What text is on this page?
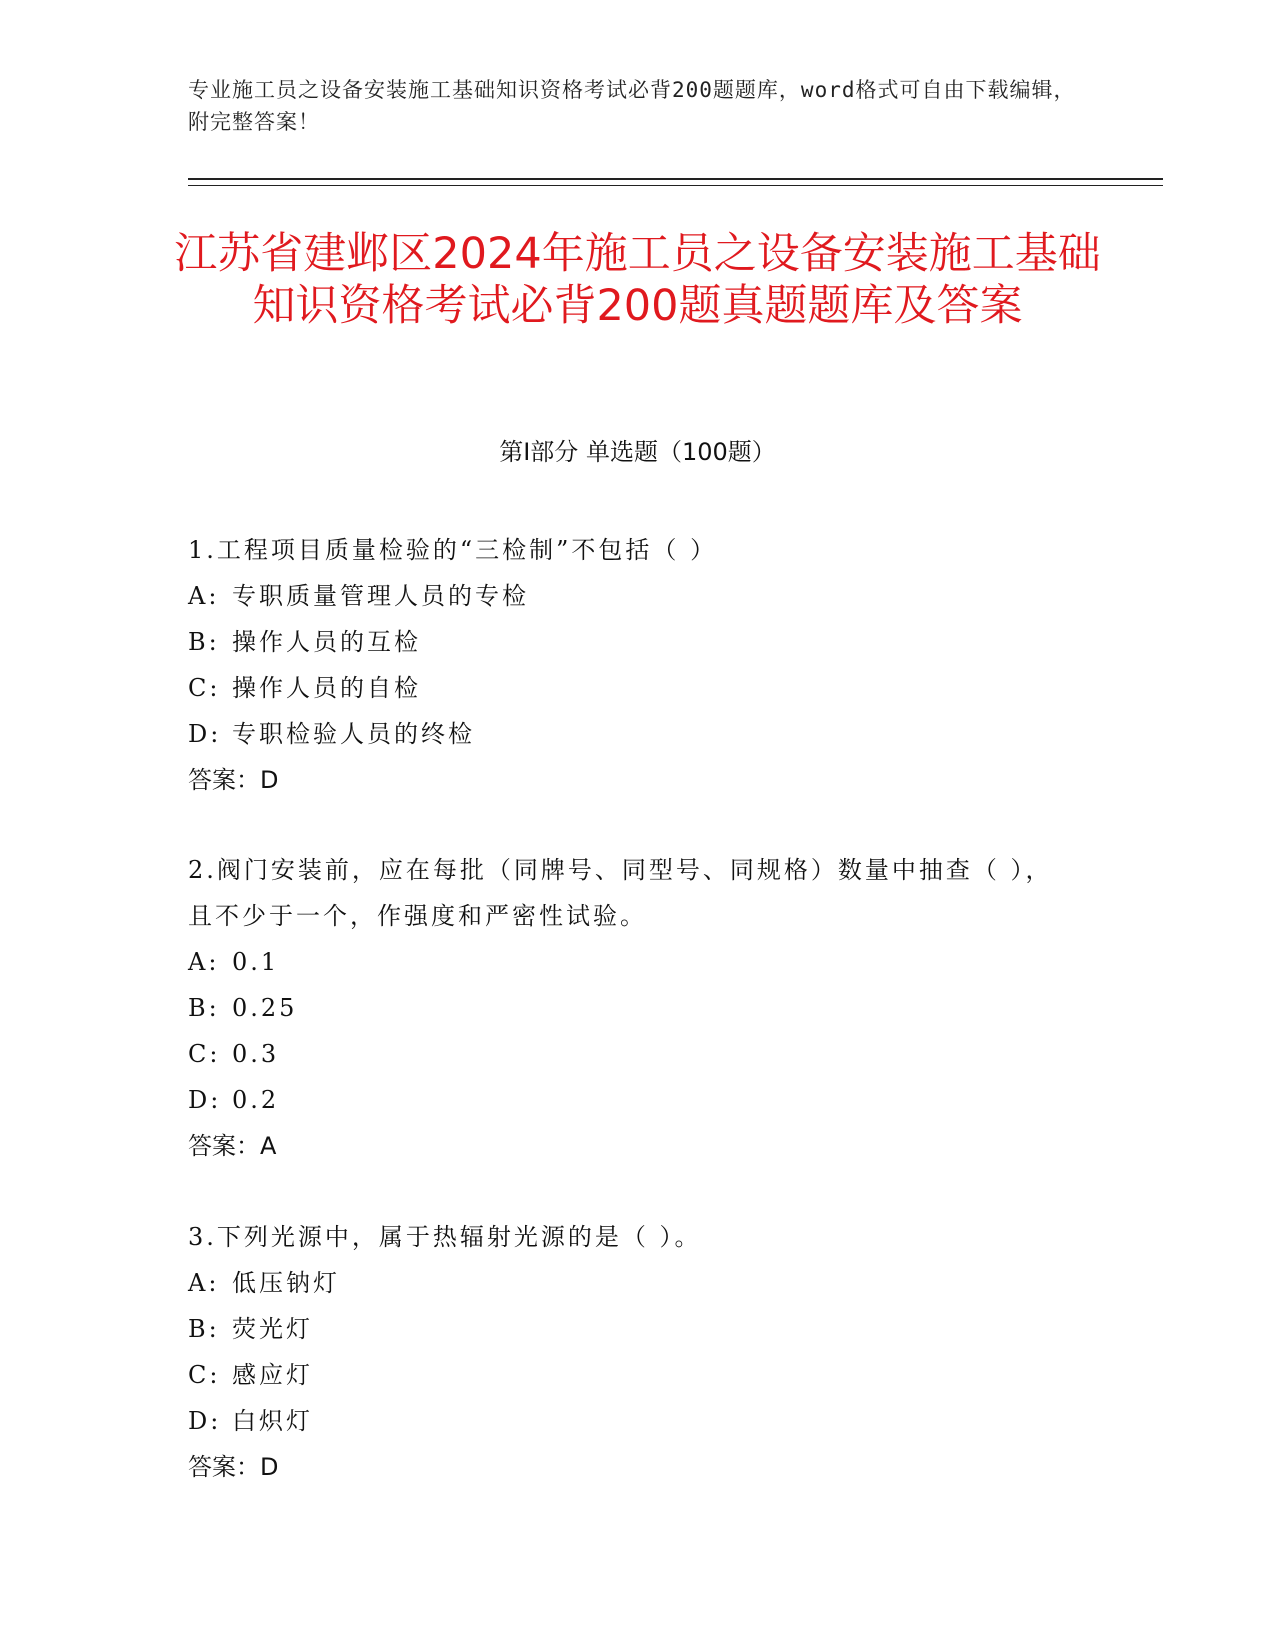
专业施工员之设备安装施工基础知识资格考试必背200题题库，word格式可自由下载编辑，附完整答案！
江苏省建邺区2024年施工员之设备安装施工基础知识资格考试必背200题真题题库及答案
第Ⅰ部分 单选题（100题）
1.工程项目质量检验的“三检制”不包括（ ）
A: 专职质量管理人员的专检
B: 操作人员的互检
C: 操作人员的自检
D: 专职检验人员的终检
答案：D
2.阀门安装前，应在每批（同牌号、同型号、同规格）数量中抽查（ ），且不少于一个，作强度和严密性试验。
A: 0.1
B: 0.25
C: 0.3
D: 0.2
答案：A
3.下列光源中，属于热辐射光源的是（ ）。
A: 低压钠灯
B: 荧光灯
C: 感应灯
D: 白炽灯
答案：D
